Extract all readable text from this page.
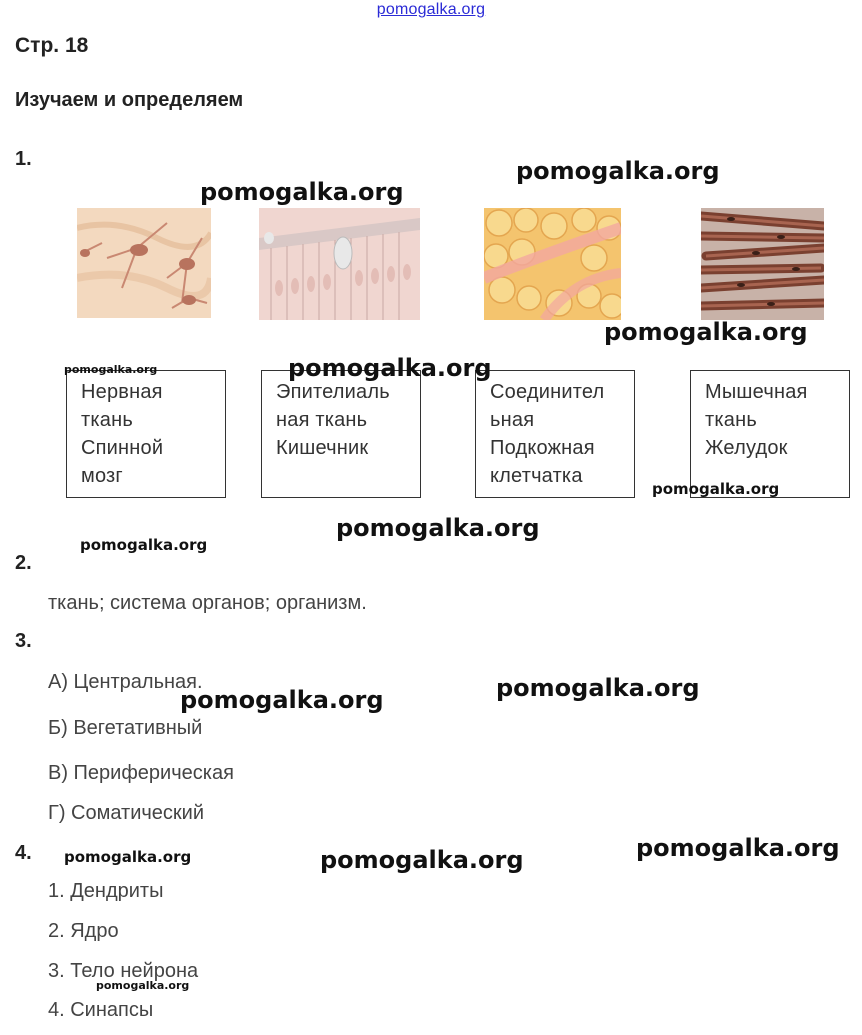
pomogalka.org
Стр. 18
Изучаем и определяем
1.
Нервная
ткань
Спинной
мозг
Эпителиаль
ная ткань
Кишечник
Соединител
ьная
Подкожная
клетчатка
Мышечная
ткань
Желудок
2.
ткань; система органов; организм.
3.
А) Центральная.
Б) Вегетативный
В) Периферическая
Г) Соматический
4.
1. Дендриты
2. Ядро
3. Тело нейрона
4. Синапсы
pomogalka.org
pomogalka.org
pomogalka.org
pomogalka.org	pomogalka.org
pomogalka.org
pomogalka.org
pomogalka.org
pomogalka.org
pomogalka.org
pomogalka.org
pomogalka.org	pomogalka.org
pomogalka.org
